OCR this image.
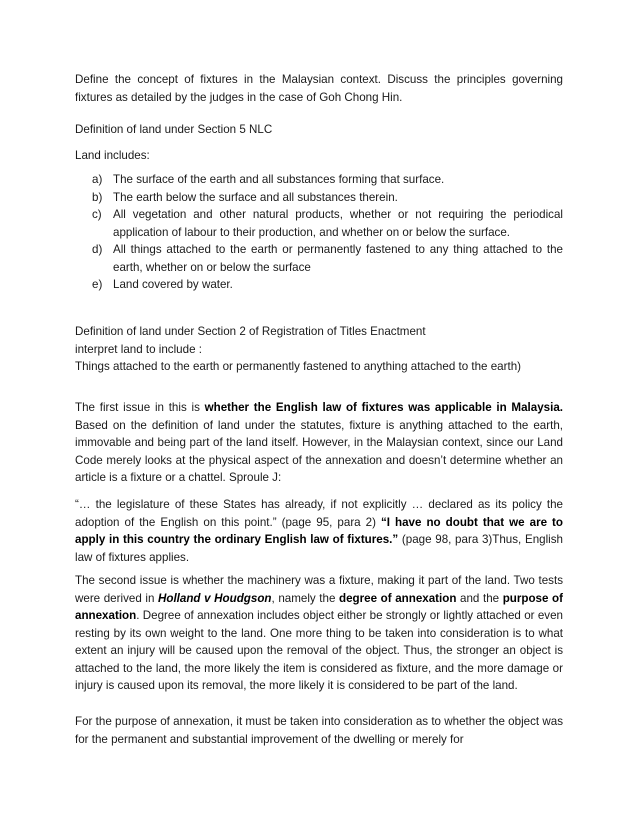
Define the concept of fixtures in the Malaysian context. Discuss the principles governing fixtures as detailed by the judges in the case of Goh Chong Hin.

Definition of land under Section 5 NLC

Land includes:

a) The surface of the earth and all substances forming that surface.
b) The earth below the surface and all substances therein.
c) All vegetation and other natural products, whether or not requiring the periodical application of labour to their production, and whether on or below the surface.
d) All things attached to the earth or permanently fastened to any thing attached to the earth, whether on or below the surface
e) Land covered by water.
Definition of land under Section 2 of Registration of Titles Enactment
interpret land to include :
Things attached to the earth or permanently fastened to anything attached to the earth)

The first issue in this is whether the English law of fixtures was applicable in Malaysia. Based on the definition of land under the statutes, fixture is anything attached to the earth, immovable and being part of the land itself. However, in the Malaysian context, since our Land Code merely looks at the physical aspect of the annexation and doesn’t determine whether an article is a fixture or a chattel. Sproule J:

“… the legislature of these States has already, if not explicitly … declared as its policy the adoption of the English on this point.” (page 95, para 2) “I have no doubt that we are to apply in this country the ordinary English law of fixtures.” (page 98, para 3)Thus, English law of fixtures applies.

The second issue is whether the machinery was a fixture, making it part of the land. Two tests were derived in Holland v Houdgson, namely the degree of annexation and the purpose of annexation. Degree of annexation includes object either be strongly or lightly attached or even resting by its own weight to the land. One more thing to be taken into consideration is to what extent an injury will be caused upon the removal of the object. Thus, the stronger an object is attached to the land, the more likely the item is considered as fixture, and the more damage or injury is caused upon its removal, the more likely it is considered to be part of the land.

For the purpose of annexation, it must be taken into consideration as to whether the object was for the permanent and substantial improvement of the dwelling or merely for
